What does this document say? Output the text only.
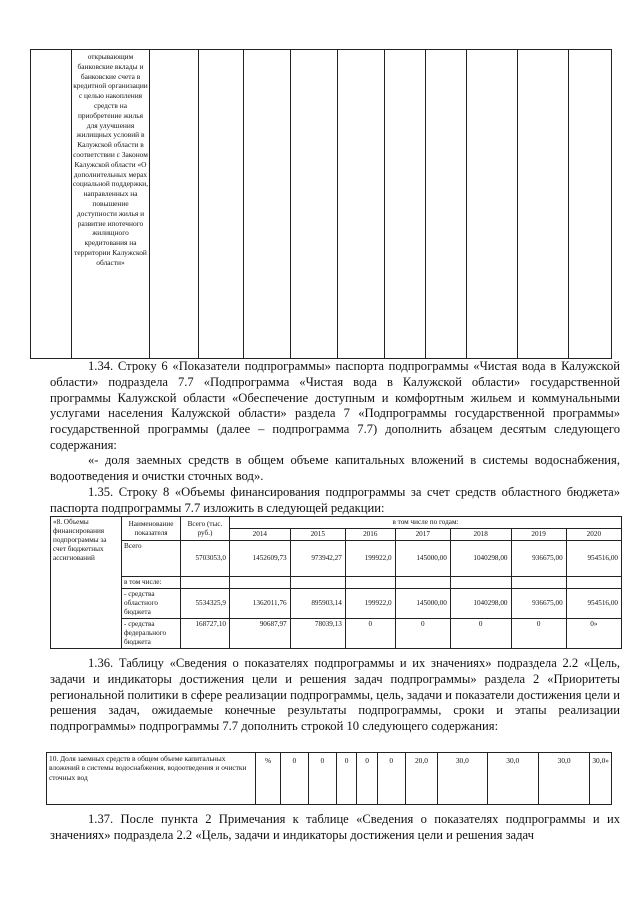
открывающим банковские вклады и банковские счета в кредитной организации с целью накопления средств на приобретение жилья для улучшения жилищных условий в Калужской области в соответствии с Законом Калужской области «О дополнительных мерах социальной поддержки, направленных на повышение доступности жилья и развитие ипотечного жилищного кредитования на территории Калужской области»

1.34. Строку 6 «Показатели подпрограммы» паспорта подпрограммы «Чистая вода в Калужской области» подраздела 7.7 «Подпрограмма «Чистая вода в Калужской области» государственной программы Калужской области «Обеспечение доступным и комфортным жильем и коммунальными услугами населения Калужской области» раздела 7 «Подпрограммы государственной программы» государственной программы (далее – подпрограмма 7.7) дополнить абзацем десятым следующего содержания:

«- доля заемных средств в общем объеме капитальных вложений в системы водоснабжения, водоотведения и очистки сточных вод».

1.35. Строку 8 «Объемы финансирования подпрограммы за счет средств областного бюджета» паспорта подпрограммы 7.7 изложить в следующей редакции:

«8. Объемы финансирования подпрограммы за счет бюджетных ассигнований	Наименование показателя	Всего (тыс. руб.)	в том числе по годам:						
			2014	2015	2016	2017	2018	2019	2020
	Всего	5703053,0	1452609,73	973942,27	199922,0	145000,00	1040298,00	936675,00	954516,00
	в том числе:								
	- средства областного бюджета	5534325,9	1362011,76	895903,14	199922,0	145000,00	1040298,00	936675,00	954516,00
	- средства федерального бюджета	168727,10	90687,97	78039,13	0	0	0	0	0»

1.36. Таблицу «Сведения о показателях подпрограммы и их значениях» подраздела 2.2 «Цель, задачи и индикаторы достижения цели и решения задач подпрограммы» раздела 2 «Приоритеты региональной политики в сфере реализации подпрограммы, цель, задачи и показатели достижения цели и решения задач, ожидаемые конечные результаты подпрограммы, сроки и этапы реализации подпрограммы» подпрограммы 7.7 дополнить строкой 10 следующего содержания:

10. Доля заемных средств в общем объеме капитальных вложений в системы водоснабжения, водоотведения и очистки сточных вод	%	0	0	0	0	0	20,0	30,0	30,0	30,0	30,0»

1.37. После пункта 2 Примечания к таблице «Сведения о показателях подпрограммы и их значениях» подраздела 2.2 «Цель, задачи и индикаторы достижения цели и решения задач
